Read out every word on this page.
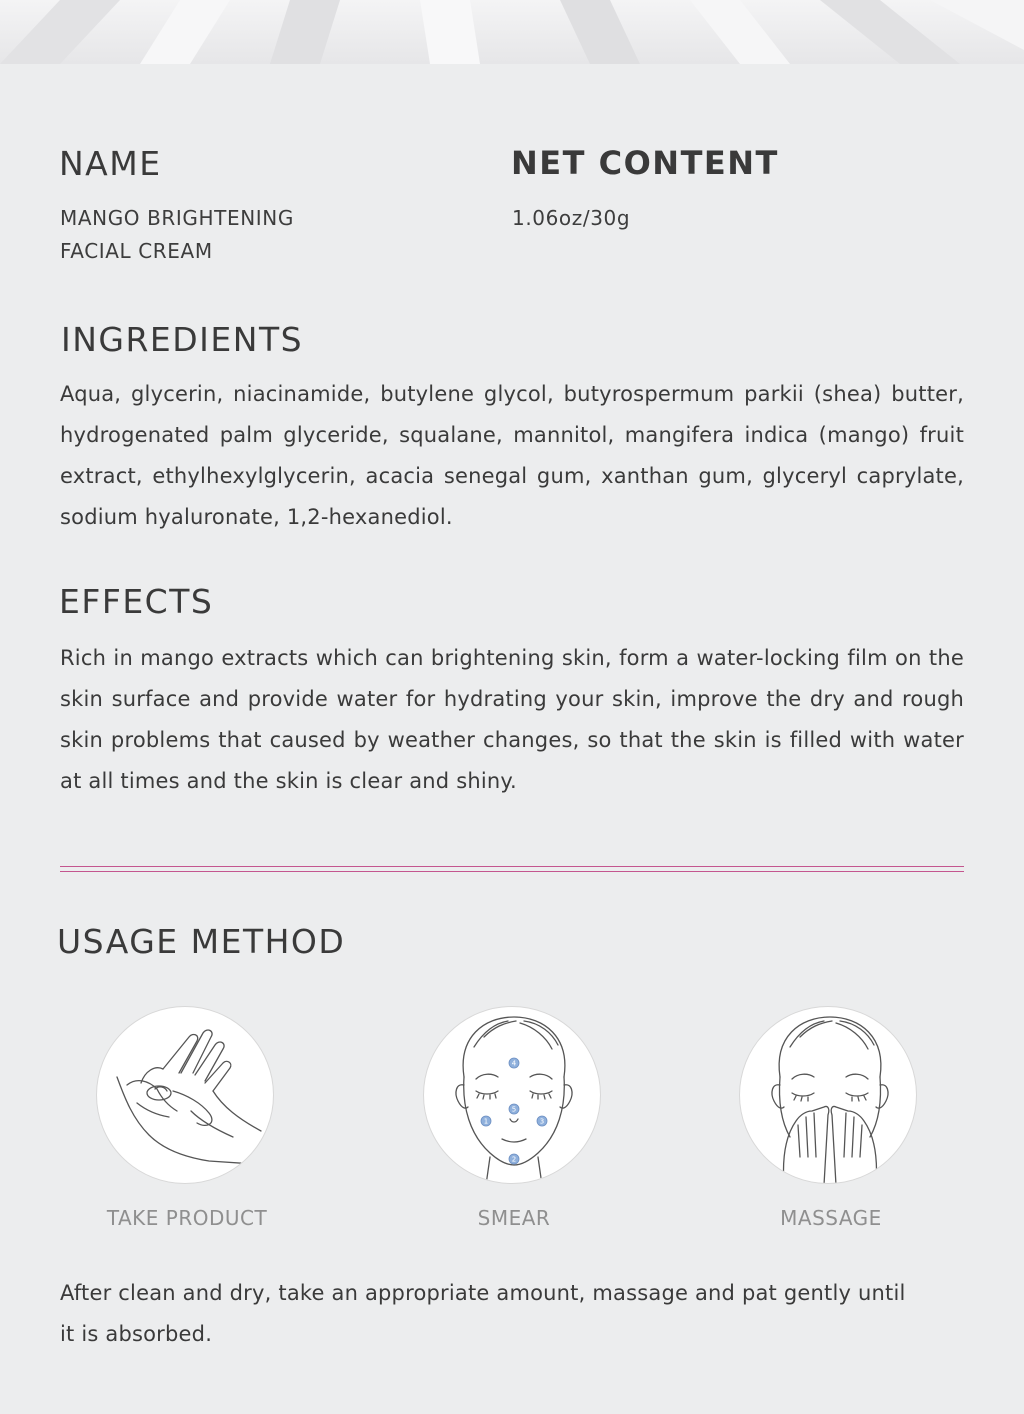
NAME
MANGO BRIGHTENING
FACIAL CREAM
NET CONTENT
1.06oz/30g
INGREDIENTS
Aqua, glycerin, niacinamide, butylene glycol, butyrospermum parkii (shea) butter, hydrogenated palm glyceride, squalane, mannitol, mangifera indica (mango) fruit extract, ethylhexylglycerin, acacia senegal gum, xanthan gum, glyceryl caprylate, sodium hyaluronate, 1,2-hexanediol.
EFFECTS
Rich in mango extracts which can brightening skin, form a water-locking film on the skin surface and provide water for hydrating your skin, improve the dry and rough skin problems that caused by weather changes, so that the skin is filled with water at all times and the skin is clear and shiny.
USAGE METHOD
TAKE PRODUCT
4
5
1	3
2
SMEAR	MASSAGE
After clean and dry, take an appropriate amount, massage and pat gently until
it is absorbed.
